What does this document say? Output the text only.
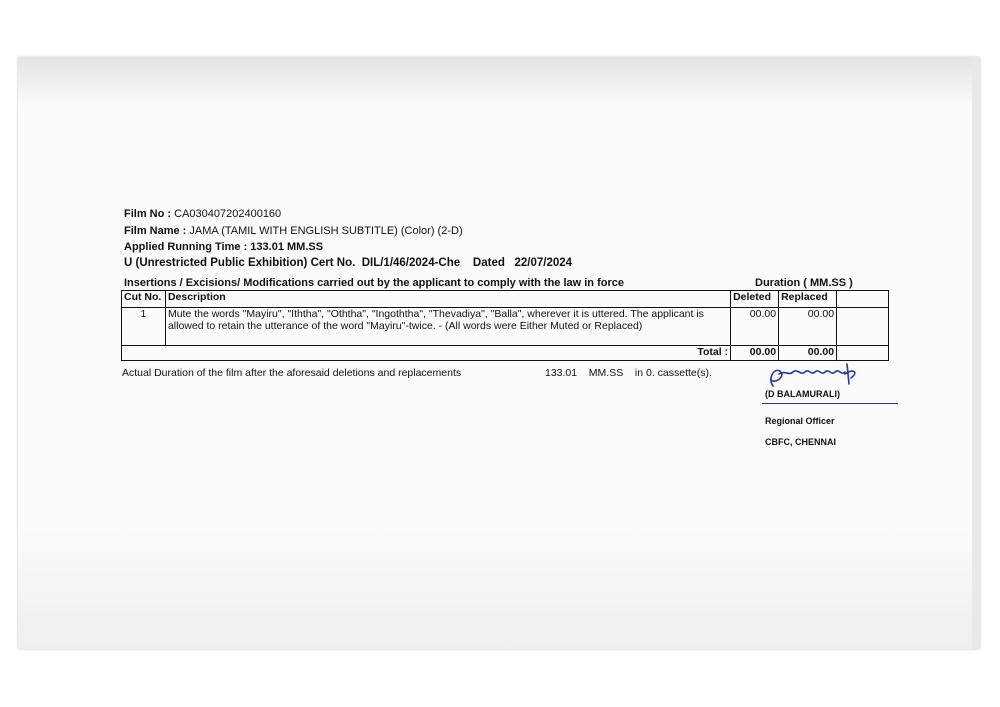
Film No : CA030407202400160
Film Name : JAMA (TAMIL WITH ENGLISH SUBTITLE) (Color) (2-D)
Applied Running Time : 133.01 MM.SS
U (Unrestricted Public Exhibition) Cert No. DIL/1/46/2024-Che Dated 22/07/2024
Insertions / Excisions/ Modifications carried out by the applicant to comply with the law in force	Duration ( MM.SS )
Cut No.	Description	Deleted	Replaced	
1	Mute the words "Mayiru", "Iththa", "Oththa", "Ingoththa", "Thevadiya", "Balla", wherever it is uttered. The applicant is allowed to retain the utterance of the word "Mayiru"-twice. - (All words were Either Muted or Replaced)	00.00	00.00	
Total :		00.00	00.00	
Actual Duration of the film after the aforesaid deletions and replacements	133.01 MM.SS in 0. cassette(s).
(D BALAMURALI)
Regional Officer
CBFC, CHENNAI
